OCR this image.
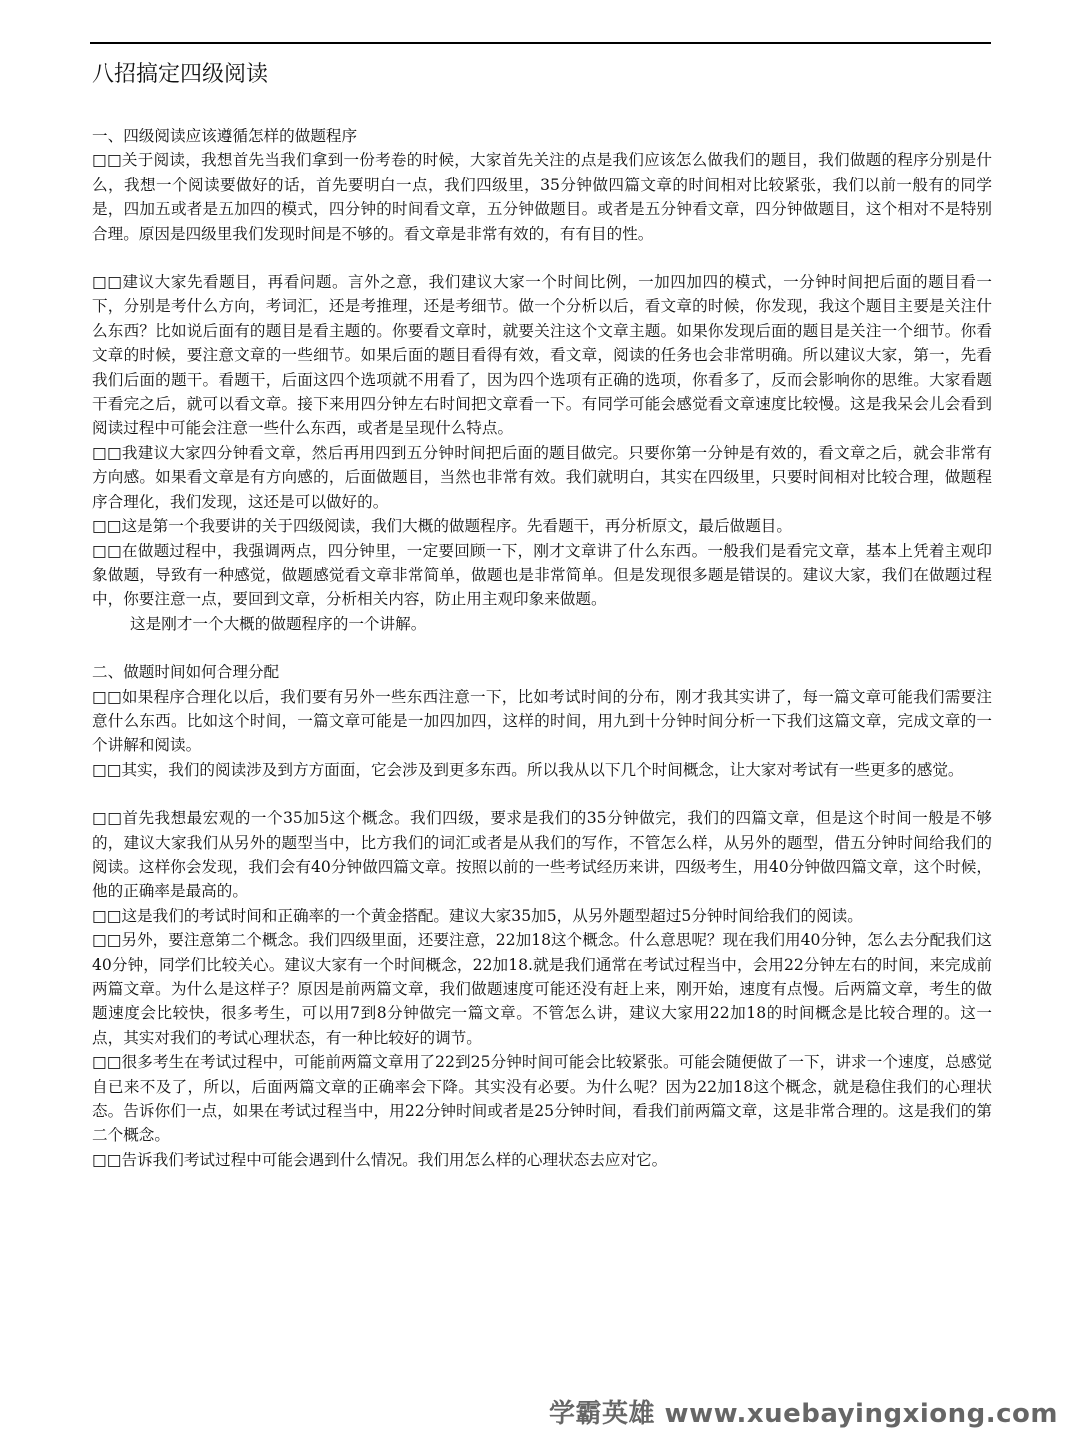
八招搞定四级阅读

一、四级阅读应该遵循怎样的做题程序

□□关于阅读，我想首先当我们拿到一份考卷的时候，大家首先关注的点是我们应该怎么做我们的题目，我们做题的程序分别是什么，我想一个阅读要做好的话，首先要明白一点，我们四级里，35分钟做四篇文章的时间相对比较紧张，我们以前一般有的同学是，四加五或者是五加四的模式，四分钟的时间看文章，五分钟做题目。或者是五分钟看文章，四分钟做题目，这个相对不是特别合理。原因是四级里我们发现时间是不够的。看文章是非常有效的，有有目的性。

□□建议大家先看题目，再看问题。言外之意，我们建议大家一个时间比例，一加四加四的模式，一分钟时间把后面的题目看一下，分别是考什么方向，考词汇，还是考推理，还是考细节。做一个分析以后，看文章的时候，你发现，我这个题目主要是关注什么东西？比如说后面有的题目是看主题的。你要看文章时，就要关注这个文章主题。如果你发现后面的题目是关注一个细节。你看文章的时候，要注意文章的一些细节。如果后面的题目看得有效，看文章，阅读的任务也会非常明确。所以建议大家，第一，先看我们后面的题干。看题干，后面这四个选项就不用看了，因为四个选项有正确的选项，你看多了，反而会影响你的思维。大家看题干看完之后，就可以看文章。接下来用四分钟左右时间把文章看一下。有同学可能会感觉看文章速度比较慢。这是我呆会儿会看到阅读过程中可能会注意一些什么东西，或者是呈现什么特点。

□□我建议大家四分钟看文章，然后再用四到五分钟时间把后面的题目做完。只要你第一分钟是有效的，看文章之后，就会非常有方向感。如果看文章是有方向感的，后面做题目，当然也非常有效。我们就明白，其实在四级里，只要时间相对比较合理，做题程序合理化，我们发现，这还是可以做好的。

□□这是第一个我要讲的关于四级阅读，我们大概的做题程序。先看题干，再分析原文，最后做题目。

□□在做题过程中，我强调两点，四分钟里，一定要回顾一下，刚才文章讲了什么东西。一般我们是看完文章，基本上凭着主观印象做题，导致有一种感觉，做题感觉看文章非常简单，做题也是非常简单。但是发现很多题是错误的。建议大家，我们在做题过程中，你要注意一点，要回到文章，分析相关内容，防止用主观印象来做题。

这是刚才一个大概的做题程序的一个讲解。

二、做题时间如何合理分配

□□如果程序合理化以后，我们要有另外一些东西注意一下，比如考试时间的分布，刚才我其实讲了，每一篇文章可能我们需要注意什么东西。比如这个时间，一篇文章可能是一加四加四，这样的时间，用九到十分钟时间分析一下我们这篇文章，完成文章的一个讲解和阅读。

□□其实，我们的阅读涉及到方方面面，它会涉及到更多东西。所以我从以下几个时间概念，让大家对考试有一些更多的感觉。

□□首先我想最宏观的一个35加5这个概念。我们四级，要求是我们的35分钟做完，我们的四篇文章，但是这个时间一般是不够的，建议大家我们从另外的题型当中，比方我们的词汇或者是从我们的写作，不管怎么样，从另外的题型，借五分钟时间给我们的阅读。这样你会发现，我们会有40分钟做四篇文章。按照以前的一些考试经历来讲，四级考生，用40分钟做四篇文章，这个时候，他的正确率是最高的。

□□这是我们的考试时间和正确率的一个黄金搭配。建议大家35加5，从另外题型超过5分钟时间给我们的阅读。

□□另外，要注意第二个概念。我们四级里面，还要注意，22加18这个概念。什么意思呢？现在我们用40分钟，怎么去分配我们这40分钟，同学们比较关心。建议大家有一个时间概念，22加18.就是我们通常在考试过程当中，会用22分钟左右的时间，来完成前两篇文章。为什么是这样子？原因是前两篇文章，我们做题速度可能还没有赶上来，刚开始，速度有点慢。后两篇文章，考生的做题速度会比较快，很多考生，可以用7到8分钟做完一篇文章。不管怎么讲，建议大家用22加18的时间概念是比较合理的。这一点，其实对我们的考试心理状态，有一种比较好的调节。

□□很多考生在考试过程中，可能前两篇文章用了22到25分钟时间可能会比较紧张。可能会随便做了一下，讲求一个速度，总感觉自已来不及了，所以，后面两篇文章的正确率会下降。其实没有必要。为什么呢？因为22加18这个概念，就是稳住我们的心理状态。告诉你们一点，如果在考试过程当中，用22分钟时间或者是25分钟时间，看我们前两篇文章，这是非常合理的。这是我们的第二个概念。

□□告诉我们考试过程中可能会遇到什么情况。我们用怎么样的心理状态去应对它。

学霸英雄 www.xuebayingxiong.com
